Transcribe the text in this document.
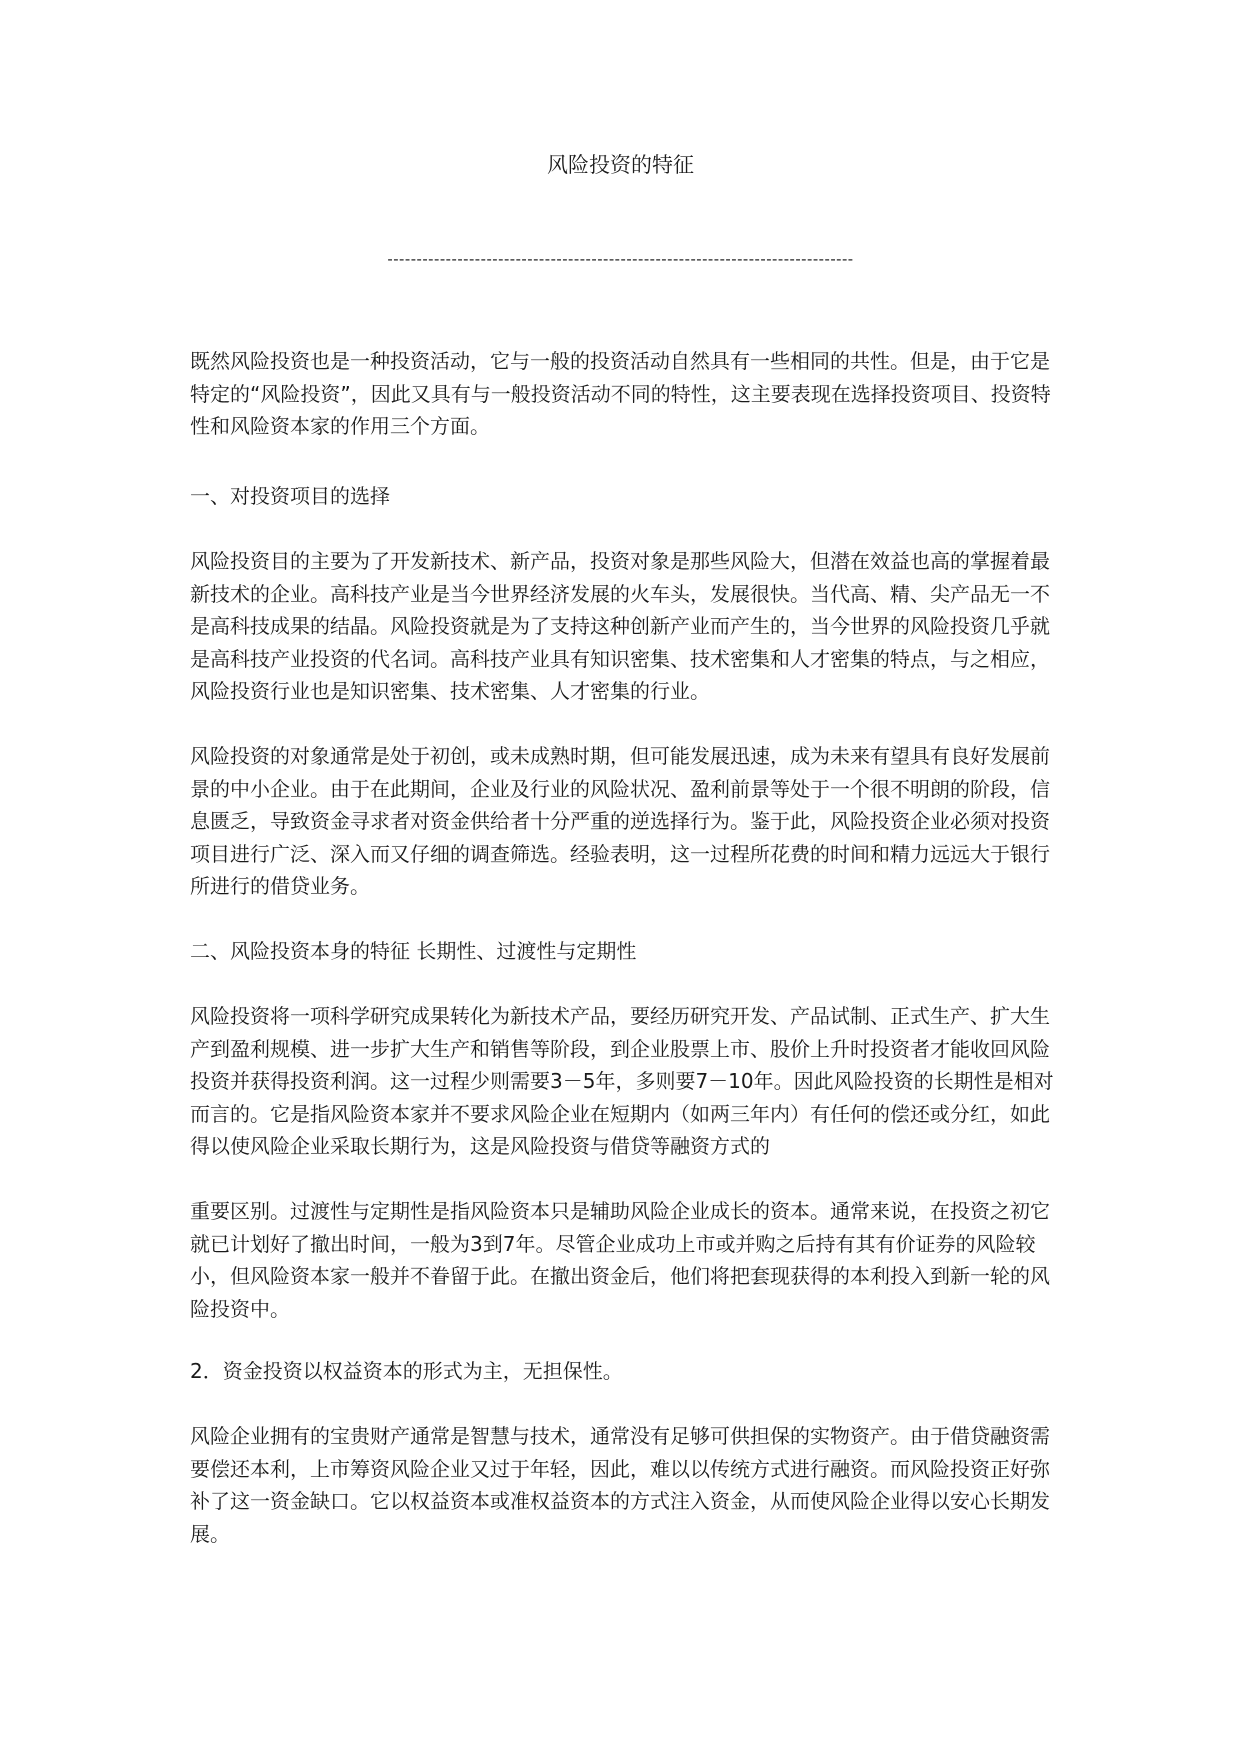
风险投资的特征
--------------------------------------------------------------------------------

既然风险投资也是一种投资活动，它与一般的投资活动自然具有一些相同的共性。但是，由于它是特定的“风险投资”，因此又具有与一般投资活动不同的特性，这主要表现在选择投资项目、投资特性和风险资本家的作用三个方面。

一、对投资项目的选择

风险投资目的主要为了开发新技术、新产品，投资对象是那些风险大，但潜在效益也高的掌握着最新技术的企业。高科技产业是当今世界经济发展的火车头，发展很快。当代高、精、尖产品无一不是高科技成果的结晶。风险投资就是为了支持这种创新产业而产生的，当今世界的风险投资几乎就是高科技产业投资的代名词。高科技产业具有知识密集、技术密集和人才密集的特点，与之相应，风险投资行业也是知识密集、技术密集、人才密集的行业。

风险投资的对象通常是处于初创，或未成熟时期，但可能发展迅速，成为未来有望具有良好发展前景的中小企业。由于在此期间，企业及行业的风险状况、盈利前景等处于一个很不明朗的阶段，信息匮乏，导致资金寻求者对资金供给者十分严重的逆选择行为。鉴于此，风险投资企业必须对投资项目进行广泛、深入而又仔细的调查筛选。经验表明，这一过程所花费的时间和精力远远大于银行所进行的借贷业务。

二、风险投资本身的特征 长期性、过渡性与定期性

风险投资将一项科学研究成果转化为新技术产品，要经历研究开发、产品试制、正式生产、扩大生产到盈利规模、进一步扩大生产和销售等阶段，到企业股票上市、股价上升时投资者才能收回风险投资并获得投资利润。这一过程少则需要3－5年，多则要7－10年。因此风险投资的长期性是相对而言的。它是指风险资本家并不要求风险企业在短期内（如两三年内）有任何的偿还或分红，如此得以使风险企业采取长期行为，这是风险投资与借贷等融资方式的

重要区别。过渡性与定期性是指风险资本只是辅助风险企业成长的资本。通常来说，在投资之初它就已计划好了撤出时间，一般为3到7年。尽管企业成功上市或并购之后持有其有价证券的风险较小，但风险资本家一般并不眷留于此。在撤出资金后，他们将把套现获得的本利投入到新一轮的风险投资中。

2．资金投资以权益资本的形式为主，无担保性。

风险企业拥有的宝贵财产通常是智慧与技术，通常没有足够可供担保的实物资产。由于借贷融资需要偿还本利，上市筹资风险企业又过于年轻，因此，难以以传统方式进行融资。而风险投资正好弥补了这一资金缺口。它以权益资本或准权益资本的方式注入资金，从而使风险企业得以安心长期发展。
